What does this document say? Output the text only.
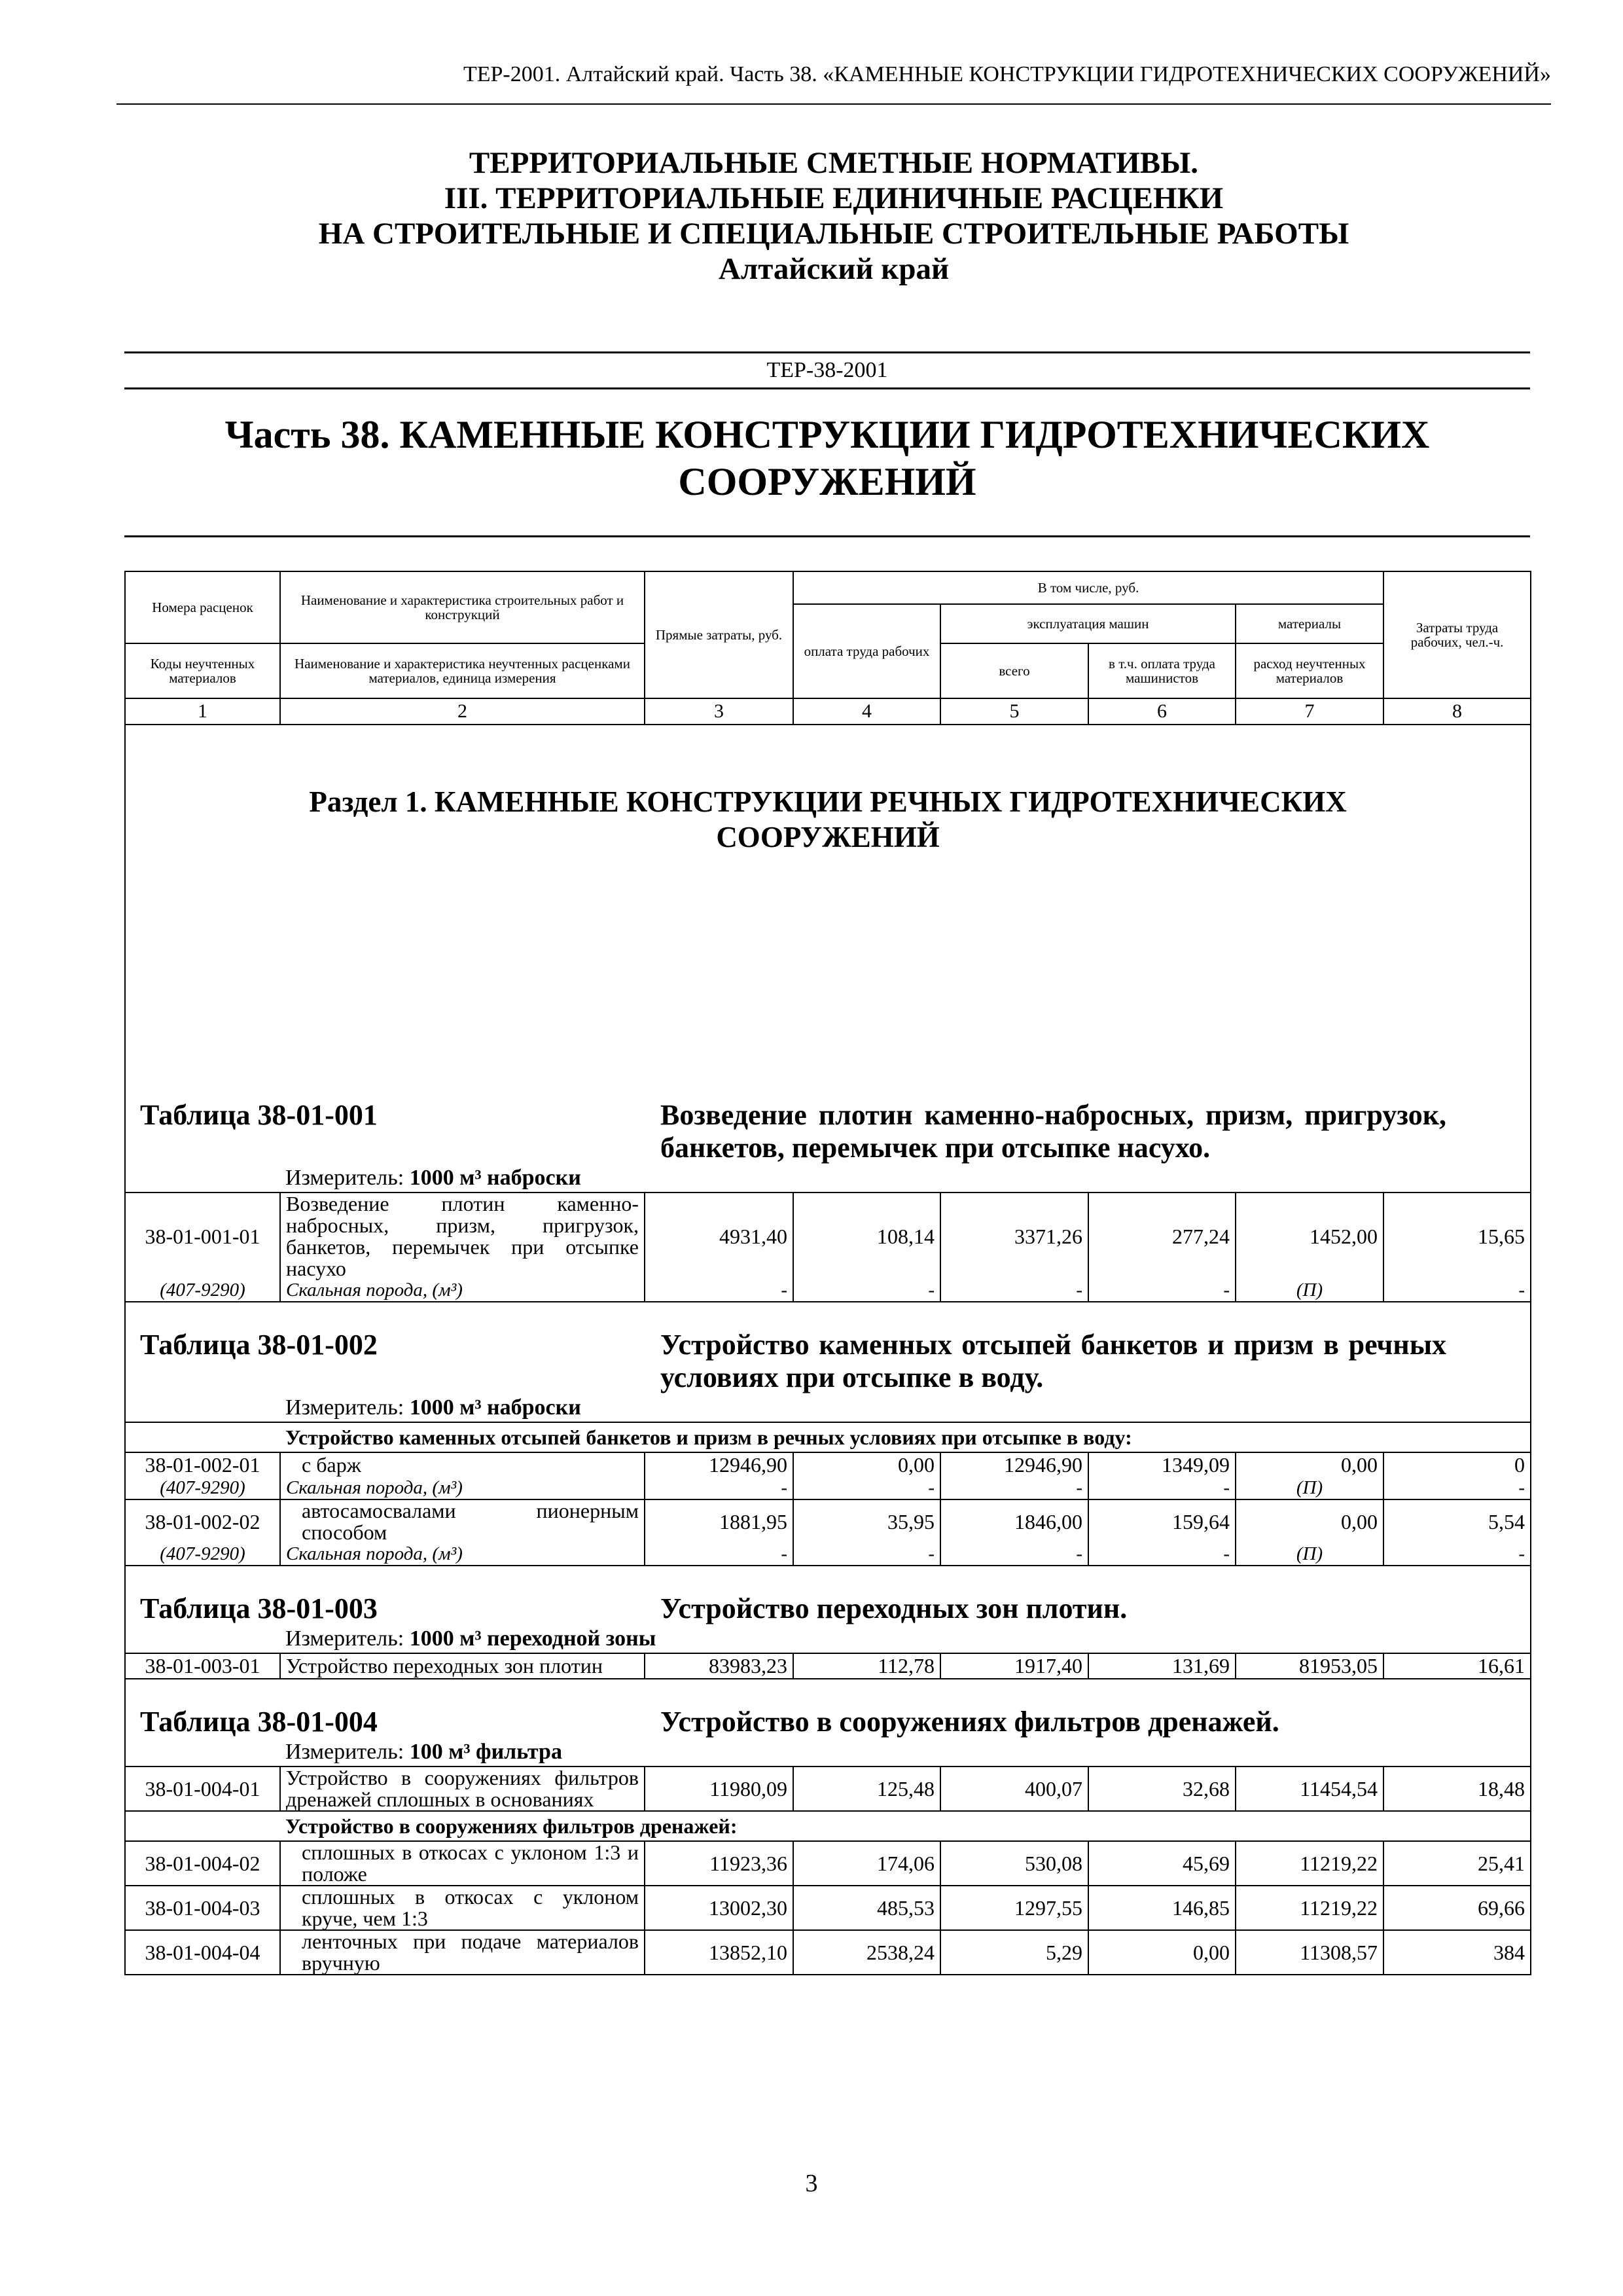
ТЕР-2001. Алтайский край. Часть 38. «КАМЕННЫЕ КОНСТРУКЦИИ ГИДРОТЕХНИЧЕСКИХ СООРУЖЕНИЙ»
ТЕРРИТОРИАЛЬНЫЕ СМЕТНЫЕ НОРМАТИВЫ.
III. ТЕРРИТОРИАЛЬНЫЕ ЕДИНИЧНЫЕ РАСЦЕНКИ
НА СТРОИТЕЛЬНЫЕ И СПЕЦИАЛЬНЫЕ СТРОИТЕЛЬНЫЕ РАБОТЫ
Алтайский край
ТЕР-38-2001
Часть 38. КАМЕННЫЕ КОНСТРУКЦИИ ГИДРОТЕХНИЧЕСКИХ
СООРУЖЕНИЙ
Номера расценок	Наименование и характеристика строительных работ и конструкций	Прямые затраты, руб.	В том числе, руб.				Затраты труда рабочих, чел.-ч.
			оплата труда рабочих	эксплуатация машин		материалы	
Коды неучтенных материалов	Наименование и характеристика неучтенных расценками материалов, единица измерения			всего	в т.ч. оплата труда машинистов	расход неучтенных материалов	

1	2	3	4	5	6	7	8

Раздел 1. КАМЕННЫЕ КОНСТРУКЦИИ РЕЧНЫХ ГИДРОТЕХНИЧЕСКИХ
СООРУЖЕНИЙ							

Таблица 38-01-001 Возведение плотин каменно-набросных, призм, пригрузок, банкетов, перемычек при отсыпке насухо.							

Измеритель: 1000 м³ наброски							
38-01-001-01	Возведение плотин каменно-набросных, призм, пригрузок, банкетов, перемычек при отсыпке насухо	4931,40	108,14	3371,26	277,24	1452,00	15,65
(407-9290)	Скальная порода, (м³)	-	-	-	-	(П)	-

Таблица 38-01-002 Устройство каменных отсыпей банкетов и призм в речных условиях при отсыпке в воду.							

Измеритель: 1000 м³ наброски							
Устройство каменных отсыпей банкетов и призм в речных условиях при отсыпке в воду:							
38-01-002-01	с барж	12946,90	0,00	12946,90	1349,09	0,00	0
(407-9290)	Скальная порода, (м³)	-	-	-	-	(П)	-
38-01-002-02	автосамосвалами пионерным способом	1881,95	35,95	1846,00	159,64	0,00	5,54
(407-9290)	Скальная порода, (м³)	-	-	-	-	(П)	-

Таблица 38-01-003 Устройство переходных зон плотин.							

Измеритель: 1000 м³ переходной зоны							
38-01-003-01	Устройство переходных зон плотин	83983,23	112,78	1917,40	131,69	81953,05	16,61

Таблица 38-01-004 Устройство в сооружениях фильтров дренажей.							

Измеритель: 100 м³ фильтра							
38-01-004-01	Устройство в сооружениях фильтров дренажей сплошных в основаниях	11980,09	125,48	400,07	32,68	11454,54	18,48
Устройство в сооружениях фильтров дренажей:							
38-01-004-02	сплошных в откосах с уклоном 1:3 и положе	11923,36	174,06	530,08	45,69	11219,22	25,41
38-01-004-03	сплошных в откосах с уклоном круче, чем 1:3	13002,30	485,53	1297,55	146,85	11219,22	69,66
38-01-004-04	ленточных при подаче материалов вручную	13852,10	2538,24	5,29	0,00	11308,57	384
3
